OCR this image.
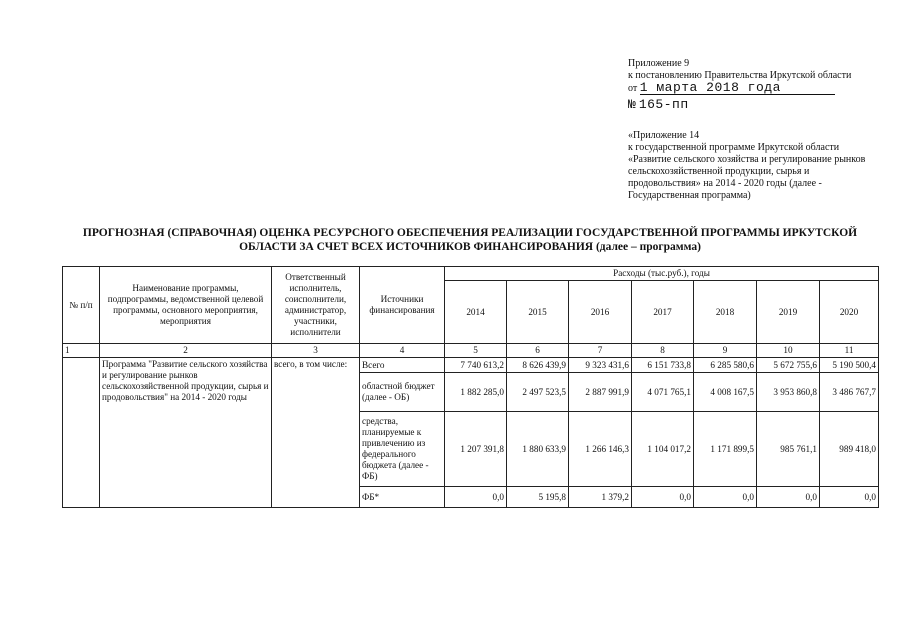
Приложение 9
к постановлению Правительства Иркутской области
от 1 марта 2018 года
№ 165-пп
«Приложение 14
к государственной программе Иркутской области
«Развитие сельского хозяйства и регулирование рынков
сельскохозяйственной продукции, сырья и
продовольствия» на 2014 - 2020 годы (далее -
Государственная программа)
ПРОГНОЗНАЯ (СПРАВОЧНАЯ) ОЦЕНКА РЕСУРСНОГО ОБЕСПЕЧЕНИЯ РЕАЛИЗАЦИИ ГОСУДАРСТВЕННОЙ ПРОГРАММЫ ИРКУТСКОЙ
ОБЛАСТИ ЗА СЧЕТ ВСЕХ ИСТОЧНИКОВ ФИНАНСИРОВАНИЯ (далее – программа)
№ п/п	Наименование программы, подпрограммы, ведомственной целевой программы, основного мероприятия, мероприятия	Ответственный исполнитель, соисполнители, администратор, участники, исполнители	Источники финансирования	Расходы (тыс.руб.), годы						
				2014	2015	2016	2017	2018	2019	2020
1	2	3	4	5	6	7	8	9	10	11
	Программа "Развитие сельского хозяйства и регулирование рынков сельскохозяйственной продукции, сырья и продовольствия" на 2014 - 2020 годы	всего, в том числе:	Всего	7 740 613,2	8 626 439,9	9 323 431,6	6 151 733,8	6 285 580,6	5 672 755,6	5 190 500,4
			областной бюджет (далее - ОБ)	1 882 285,0	2 497 523,5	2 887 991,9	4 071 765,1	4 008 167,5	3 953 860,8	3 486 767,7
			средства, планируемые к привлечению из федерального бюджета (далее - ФБ)	1 207 391,8	1 880 633,9	1 266 146,3	1 104 017,2	1 171 899,5	985 761,1	989 418,0
			ФБ*	0,0	5 195,8	1 379,2	0,0	0,0	0,0	0,0
